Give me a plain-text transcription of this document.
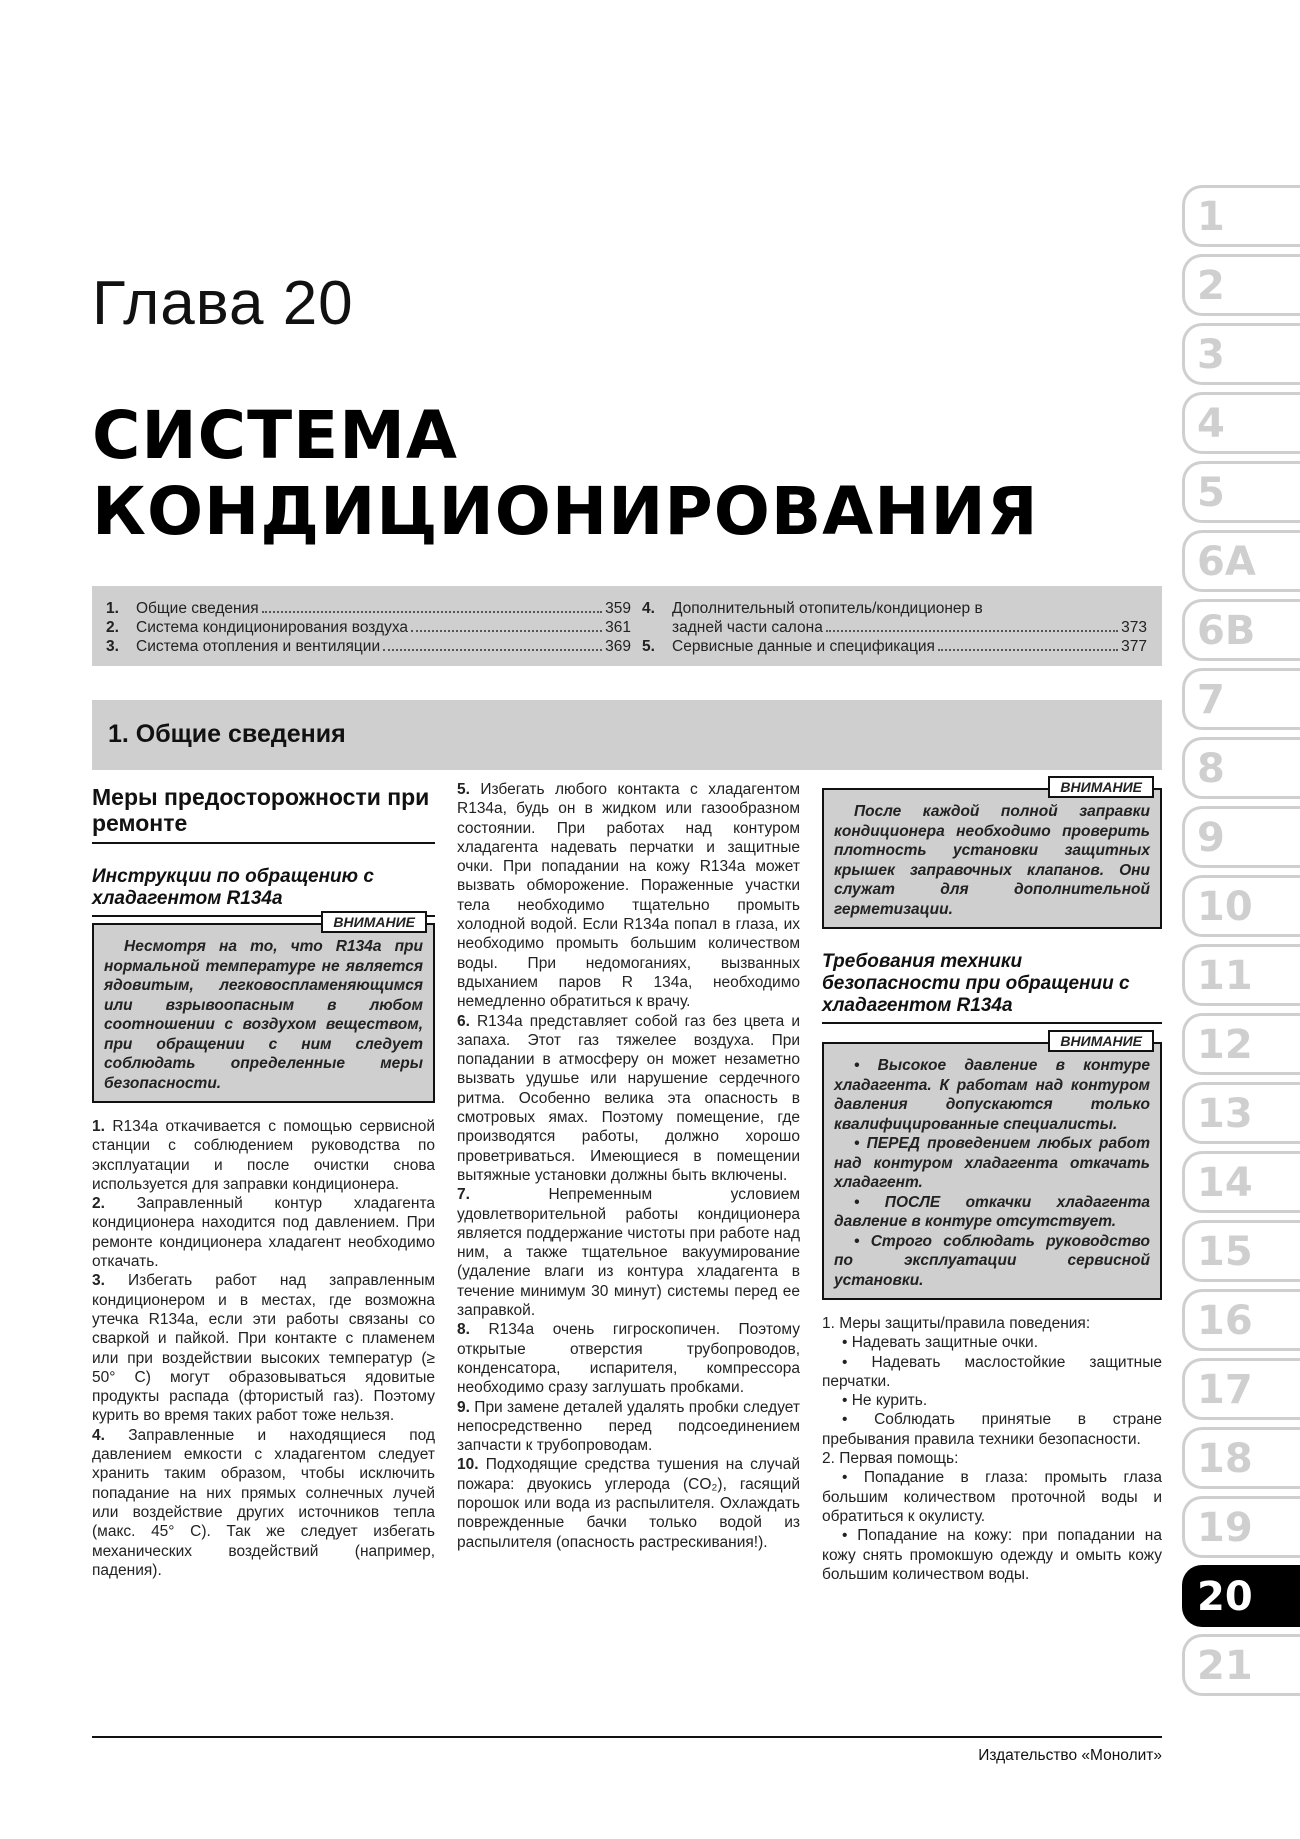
Глава 20
СИСТЕМА
КОНДИЦИОНИРОВАНИЯ
1.	Общие сведения	359
2.	Система кондиционирования воздуха	361
3.	Система отопления и вентиляции	369
4.	Дополнительный отопитель/кондиционер в
задней части салона	373
5.	Сервисные данные и спецификация	377
1. Общие сведения
Меры предосторожности при ремонте
Инструкции по обращению с хладагентом R134a
ВНИМАНИЕ

Несмотря на то, что R134a при нормальной температуре не является ядовитым, легковоспламеняющимся или взрывоопасным в любом соотношении с воздухом веществом, при обращении с ним следует соблюдать определенные меры безопасности.

1. R134a откачивается с помощью сервисной станции с соблюдением руководства по эксплуатации и после очистки снова используется для заправки кондиционера.

2. Заправленный контур хладагента кондиционера находится под давлением. При ремонте кондиционера хладагент необходимо откачать.

3. Избегать работ над заправленным кондиционером и в местах, где возможна утечка R134a, если эти работы связаны со сваркой и пайкой. При контакте с пламенем или при воздействии высоких температур (≥ 50° С) могут образовываться ядовитые продукты распада (фтористый газ). Поэтому курить во время таких работ тоже нельзя.

4. Заправленные и находящиеся под давлением емкости с хладагентом следует хранить таким образом, чтобы исключить попадание на них прямых солнечных лучей или воздействие других источников тепла (макс. 45° С). Так же следует избегать механических воздействий (например, падения).

5. Избегать любого контакта с хладагентом R134a, будь он в жидком или газообразном состоянии. При работах над контуром хладагента надевать перчатки и защитные очки. При попадании на кожу R134a может вызвать обморожение. Пораженные участки тела необходимо тщательно промыть холодной водой. Если R134a попал в глаза, их необходимо промыть большим количеством воды. При недомоганиях, вызванных вдыханием паров R 134a, необходимо немедленно обратиться к врачу.

6. R134a представляет собой газ без цвета и запаха. Этот газ тяжелее воздуха. При попадании в атмосферу он может незаметно вызвать удушье или нарушение сердечного ритма. Особенно велика эта опасность в смотровых ямах. Поэтому помещение, где производятся работы, должно хорошо проветриваться. Имеющиеся в помещении вытяжные установки должны быть включены.

7.	Непременным условием удовлетворительной работы кондиционера является поддержание чистоты при работе над ним, а также тщательное вакуумирование (удаление влаги из контура хладагента в течение минимум 30 минут) системы перед ее заправкой.

8. R134a очень гигроскопичен. Поэтому открытые отверстия трубопроводов, конденсатора, испарителя, компрессора необходимо сразу заглушать пробками.

9. При замене деталей удалять пробки следует непосредственно перед подсоединением запчасти к трубопроводам.

10. Подходящие средства тушения на случай пожара: двуокись углерода (CO₂), гасящий порошок или вода из распылителя. Охлаждать поврежденные бачки только водой из распылителя (опасность растрескивания!).

ВНИМАНИЕ

После каждой полной заправки кондиционера необходимо проверить плотность установки защитных крышек заправочных клапанов. Они служат для дополнительной герметизации.

Требования техники безопасности при обращении с хладагентом R134a
ВНИМАНИЕ

• Высокое давление в контуре хладагента. К работам над контуром давления допускаются только квалифицированные специалисты.

• ПЕРЕД проведением любых работ над контуром хладагента откачать хладагент.

• ПОСЛЕ откачки хладагента давление в контуре отсутствует.

• Строго соблюдать руководство по эксплуатации сервисной установки.

1. Меры защиты/правила поведения:

• Надевать защитные очки.

• Надевать маслостойкие защитные перчатки.

• Не курить.

• Соблюдать принятые в стране пребывания правила техники безопасности.

2. Первая помощь:

• Попадание в глаза: промыть глаза большим количеством проточной воды и обратиться к окулисту.

• Попадание на кожу: при попадании на кожу снять промокшую одежду и омыть кожу большим количеством воды.

1
2
3
4
5
6A
6B
7
8
9
10
11
12
13
14
15
16
17
18
19
20
21
Издательство «Монолит»
